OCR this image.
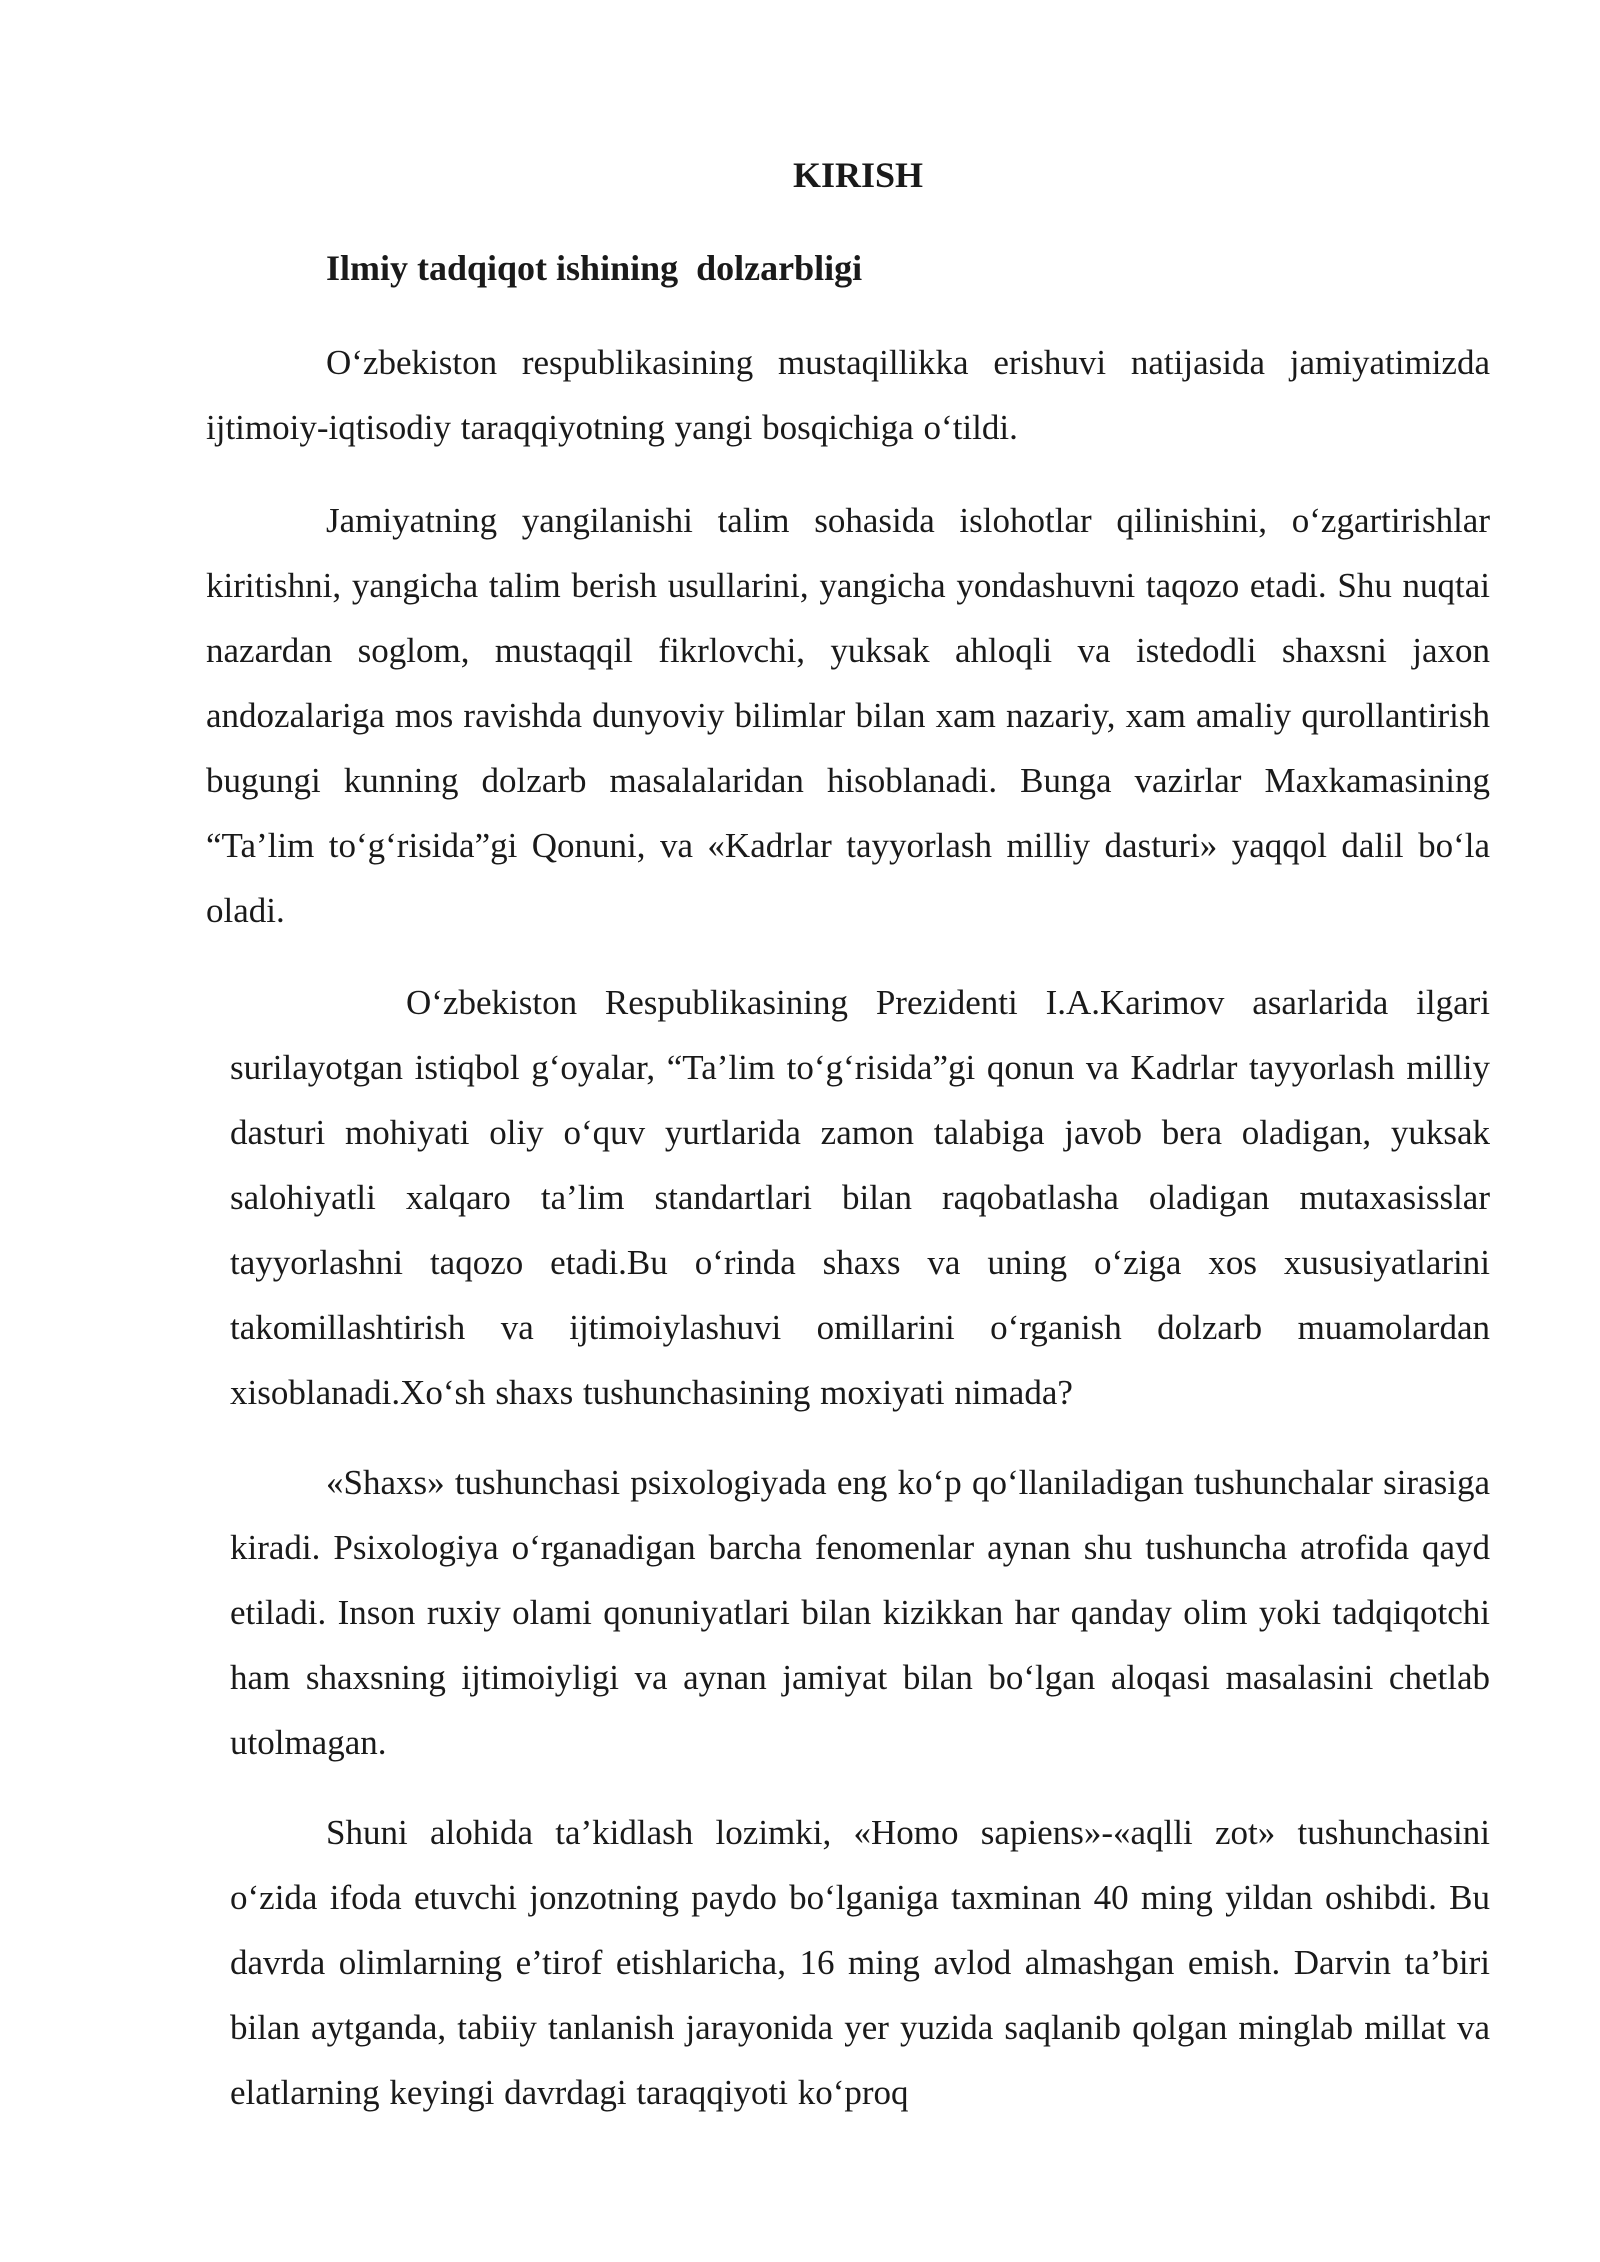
KIRISH
Ilmiy tadqiqot ishining  dolzarbligi

O‘zbekiston respublikasining mustaqillikka erishuvi natijasida jamiyatimizda ijtimoiy-iqtisodiy taraqqiyotning yangi bosqichiga o‘tildi.

Jamiyatning yangilanishi talim sohasida islohotlar qilinishini, o‘zgartirishlar kiritishni, yangicha talim berish usullarini, yangicha yondashuvni taqozo etadi. Shu nuqtai nazardan soglom, mustaqqil fikrlovchi, yuksak ahloqli va istedodli shaxsni jaxon andozalariga mos ravishda dunyoviy bilimlar bilan xam nazariy, xam amaliy qurollantirish bugungi kunning dolzarb masalalaridan hisoblanadi. Bunga vazirlar Maxkamasining “Ta’lim to‘g‘risida”gi Qonuni, va «Kadrlar tayyorlash milliy dasturi» yaqqol dalil bo‘la oladi.

O‘zbekiston Respublikasining Prezidenti I.A.Karimov asarlarida ilgari surilayotgan istiqbol g‘oyalar, “Ta’lim to‘g‘risida”gi qonun va Kadrlar tayyorlash milliy dasturi mohiyati oliy o‘quv yurtlarida zamon talabiga javob bera oladigan, yuksak salohiyatli xalqaro ta’lim standartlari bilan raqobatlasha oladigan mutaxasisslar tayyorlashni taqozo etadi.Bu o‘rinda shaxs va uning o‘ziga xos xususiyatlarini takomillashtirish va ijtimoiylashuvi omillarini o‘rganish dolzarb muamolardan xisoblanadi.Xo‘sh shaxs tushunchasining moxiyati nimada?

«Shaxs» tushunchasi psixologiyada eng ko‘p qo‘llaniladigan tushunchalar sirasiga kiradi. Psixologiya o‘rganadigan barcha fenomenlar aynan shu tushuncha atrofida qayd etiladi. Inson ruxiy olami qonuniyatlari bilan kizikkan har qanday olim yoki tadqiqotchi ham shaxsning ijtimoiyligi va aynan jamiyat bilan bo‘lgan aloqasi masalasini chetlab utolmagan.

Shuni alohida ta’kidlash lozimki, «Homo sapiens»-«aqlli zot» tushunchasini o‘zida ifoda etuvchi jonzotning paydo bo‘lganiga taxminan 40 ming yildan oshibdi. Bu davrda olimlarning e’tirof etishlaricha, 16 ming avlod almashgan emish. Darvin ta’biri bilan aytganda, tabiiy tanlanish jarayonida yer yuzida saqlanib qolgan minglab millat va elatlarning keyingi davrdagi taraqqiyoti ko‘proq
